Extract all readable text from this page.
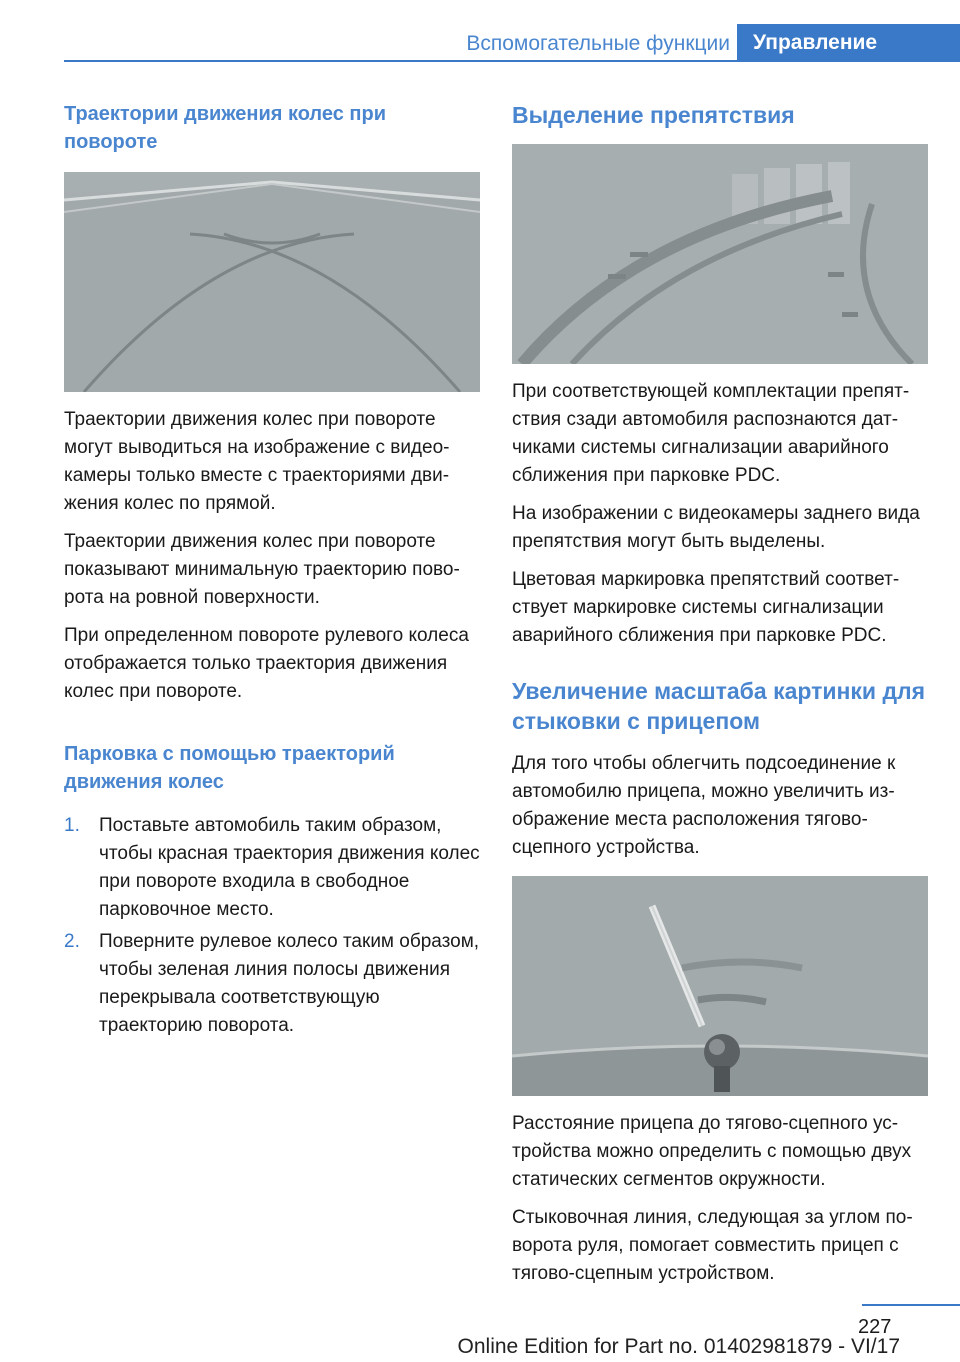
Вспомогательные функции	Управление
Траектории движения колес при повороте

Траектории движения колес при повороте могут выводиться на изображение с видеокамеры только вместе с траекториями движения колес по прямой.

Траектории движения колес при повороте показывают минимальную траекторию поворота на ровной поверхности.

При определенном повороте рулевого колеса отображается только траектория движения колес при повороте.

Парковка с помощью траекторий движения колес
1. Поставьте автомобиль таким образом, чтобы красная траектория движения колес при повороте входила в свободное парковочное место.
2. Поверните рулевое колесо таким образом, чтобы зеленая линия полосы движения перекрывала соответствующую траекторию поворота.
Выделение препятствия

При соответствующей комплектации препятствия сзади автомобиля распознаются датчиками системы сигнализации аварийного сближения при парковке PDC.

На изображении с видеокамеры заднего вида препятствия могут быть выделены.

Цветовая маркировка препятствий соответствует маркировке системы сигнализации аварийного сближения при парковке PDC.

Увеличение масштаба картинки для стыковки с прицепом

Для того чтобы облегчить подсоединение к автомобилю прицепа, можно увеличить изображение места расположения тягово-сцепного устройства.

Расстояние прицепа до тягово-сцепного устройства можно определить с помощью двух статических сегментов окружности.

Стыковочная линия, следующая за углом поворота руля, помогает совместить прицеп с тягово-сцепным устройством.

227
Online Edition for Part no. 01402981879 - VI/17
